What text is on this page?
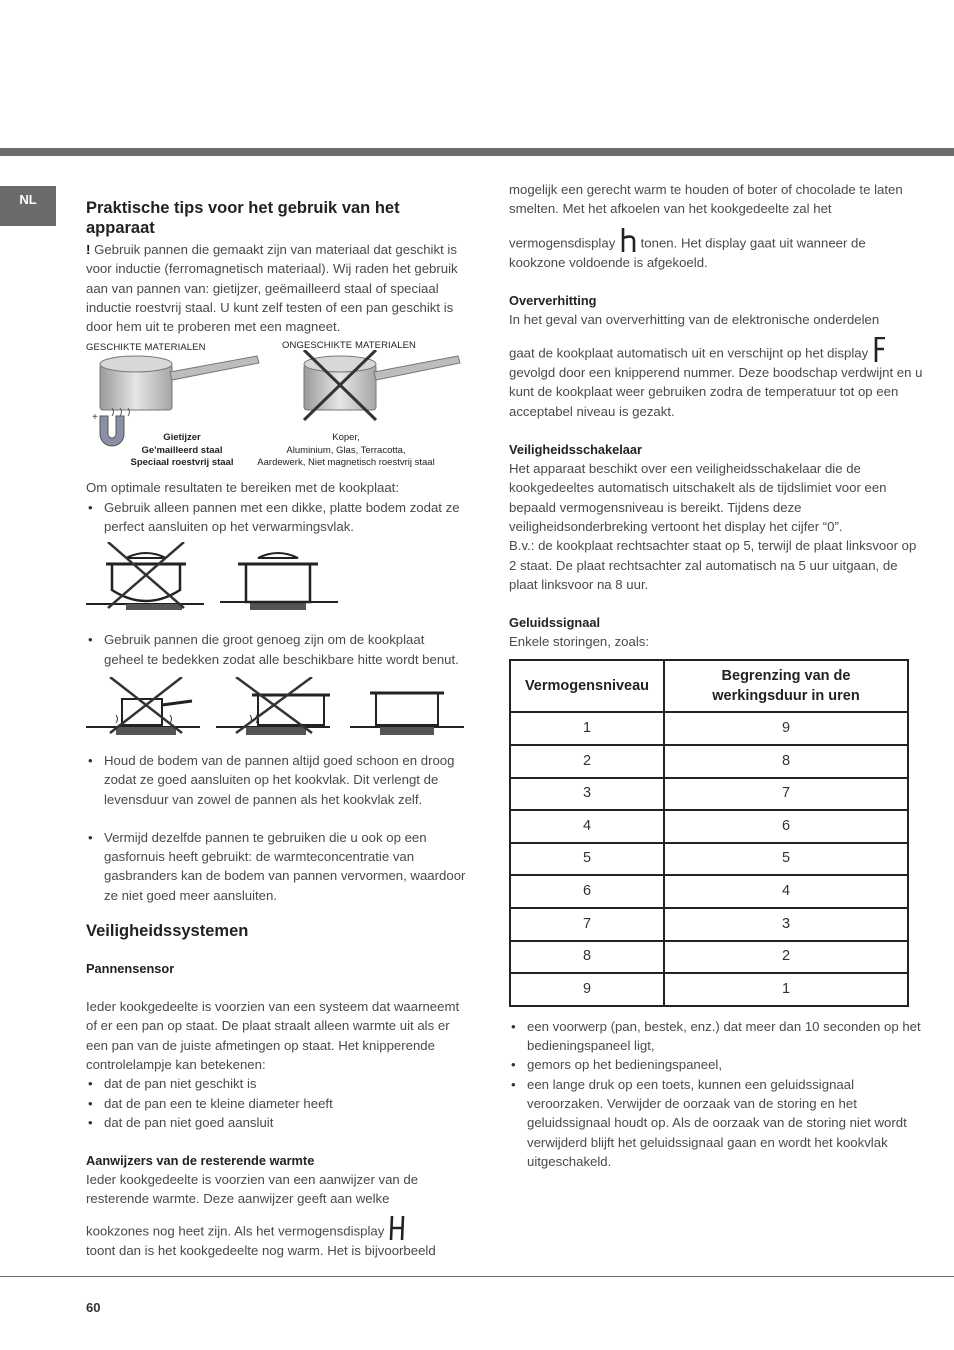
NL	Praktische tips voor het gebruik van het apparaat

! Gebruik pannen die gemaakt zijn van materiaal dat geschikt is voor inductie (ferromagnetisch materiaal). Wij raden het gebruik aan van pannen van: gietijzer, geëmailleerd staal of speciaal inductie roestvrij staal. U kunt zelf testen of een pan geschikt is door hem uit te proberen met een magneet.

GESCHIKTE MATERIALEN	ONGESCHIKTE MATERIALEN
+
Gietijzer
Ge'mailleerd staal
Speciaal roestvrij staal
Koper,
Aluminium, Glas, Terracotta,
Aardewerk, Niet magnetisch roestvrij staal

Om optimale resultaten te bereiken met de kookplaat:

• Gebruik alleen pannen met een dikke, platte bodem zodat ze perfect aansluiten op het verwarmingsvlak.

• Gebruik pannen die groot genoeg zijn om de kookplaat geheel te bedekken zodat alle beschikbare hitte wordt benut.

• Houd de bodem van de pannen altijd goed schoon en droog zodat ze goed aansluiten op het kookvlak. Dit verlengt de levensduur van zowel de pannen als het kookvlak zelf.

• Vermijd dezelfde pannen te gebruiken die u ook op een gasfornuis heeft gebruikt: de warmteconcentratie van gasbranders kan de bodem van pannen vervormen, waardoor ze niet goed meer aansluiten.

Veiligheidssystemen
Pannensensor

Ieder kookgedeelte is voorzien van een systeem dat waarneemt of er een pan op staat. De plaat straalt alleen warmte uit als er een pan van de juiste afmetingen op staat. Het knipperende controlelampje kan betekenen:

• dat de pan niet geschikt is

• dat de pan een te kleine diameter heeft

• dat de pan niet goed aansluit

Aanwijzers van de resterende warmte

Ieder kookgedeelte is voorzien van een aanwijzer van de resterende warmte. Deze aanwijzer geeft aan welke

kookzones nog heet zijn. Als het vermogensdisplay

toont dan is het kookgedeelte nog warm. Het is bijvoorbeeld

mogelijk een gerecht warm te houden of boter of chocolade te laten smelten. Met het afkoelen van het kookgedeelte zal het

vermogensdisplay tonen. Het display gaat uit wanneer de kookzone voldoende is afgekoeld.

Oververhitting

In het geval van oververhitting van de elektronische onderdelen

gaat de kookplaat automatisch uit en verschijnt op het display

gevolgd door een knipperend nummer. Deze boodschap verdwijnt en u kunt de kookplaat weer gebruiken zodra de temperatuur tot op een acceptabel niveau is gezakt.

Veiligheidsschakelaar

Het apparaat beschikt over een veiligheidsschakelaar die de kookgedeeltes automatisch uitschakelt als de tijdslimiet voor een bepaald vermogensniveau is bereikt. Tijdens deze veiligheidsonderbreking vertoont het display het cijfer “0”.

B.v.: de kookplaat rechtsachter staat op 5, terwijl de plaat linksvoor op 2 staat. De plaat rechtsachter zal automatisch na 5 uur uitgaan, de plaat linksvoor na 8 uur.

Geluidssignaal

Enkele storingen, zoals:

Vermogensniveau	Begrenzing van de werkingsduur in uren
1	9
2	8
3	7
4	6
5	5
6	4
7	3
8	2
9	1

• een voorwerp (pan, bestek, enz.) dat meer dan 10 seconden op het bedieningspaneel ligt,

• gemors op het bedieningspaneel,

• een lange druk op een toets, kunnen een geluidssignaal veroorzaken. Verwijder de oorzaak van de storing en het geluidssignaal houdt op. Als de oorzaak van de storing niet wordt verwijderd blijft het geluidssignaal gaan en wordt het kookvlak uitgeschakeld.

60
